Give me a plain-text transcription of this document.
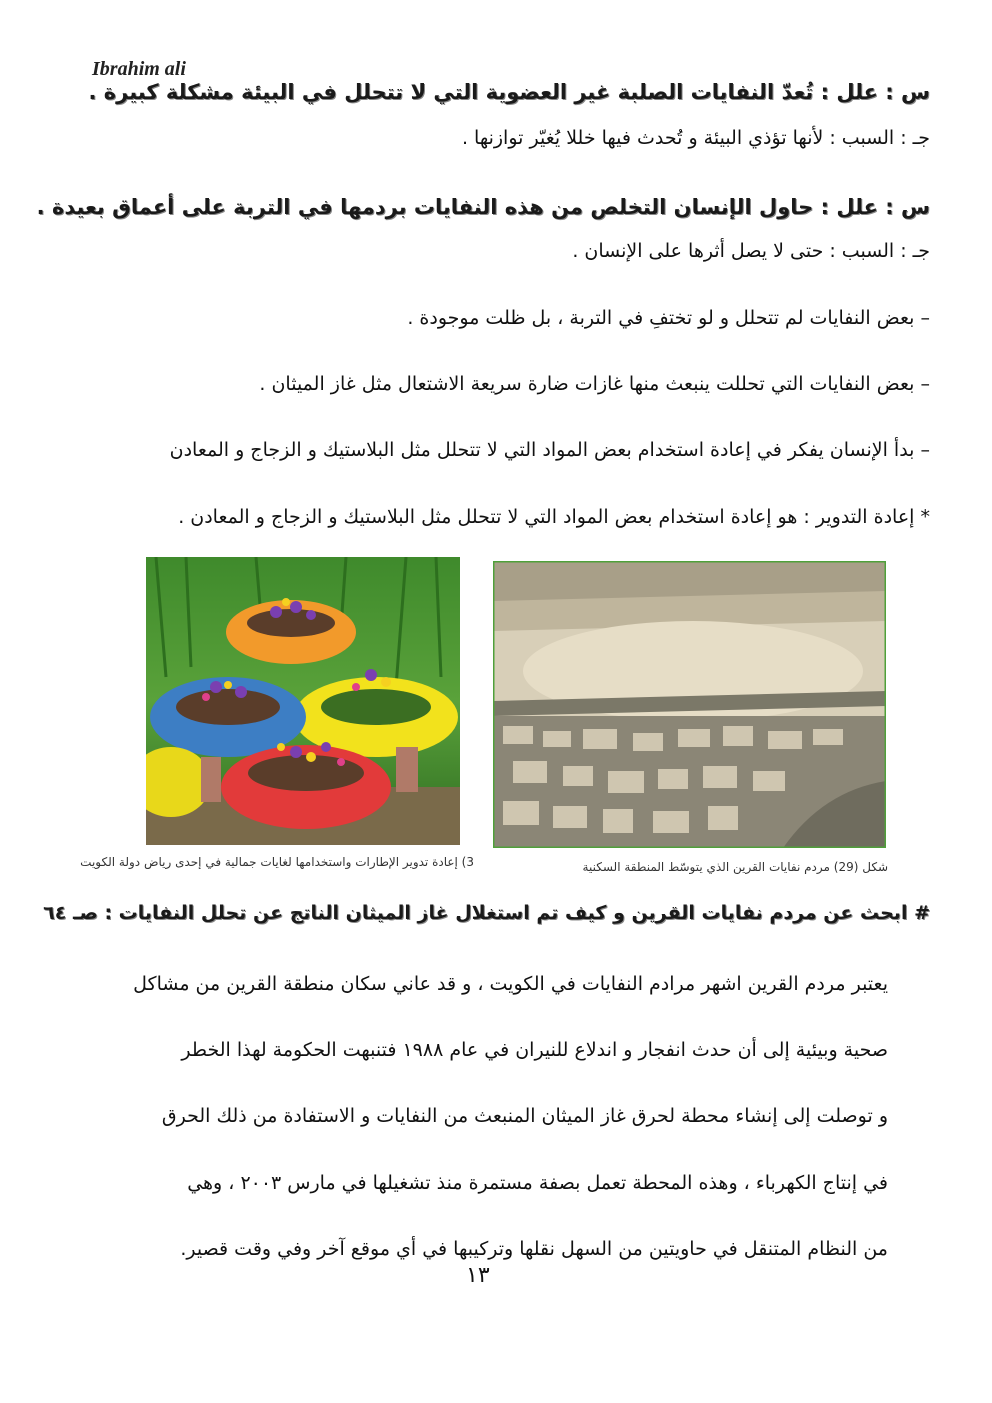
Ibrahim ali
س : علل : تُعدّ النفايات الصلبة غير العضوية التي لا تتحلل في البيئة مشكلة كبيرة .
جـ : السبب : لأنها تؤذي البيئة و تُحدث فيها خللا يُغيّر توازنها .
س : علل : حاول الإنسان التخلص من هذه النفايات بردمها في التربة على أعماق بعيدة .
جـ : السبب : حتى لا يصل أثرها على الإنسان .
– بعض النفايات لم تتحلل و لو تختفِ في التربة ، بل ظلت موجودة .
– بعض النفايات التي تحللت ينبعث منها غازات ضارة سريعة الاشتعال مثل غاز الميثان .
– بدأ الإنسان يفكر في إعادة استخدام بعض المواد التي لا تتحلل مثل البلاستيك و الزجاج و المعادن
* إعادة التدوير : هو إعادة استخدام بعض المواد التي لا تتحلل مثل البلاستيك و الزجاج و المعادن .
3) إعادة تدوير الإطارات واستخدامها لغايات جمالية في إحدى رياض دولة الكويت	شكل (29) مردم نفايات القرين الذي يتوسّط المنطقة السكنية
# ابحث عن مردم نفايات القرين و كيف تم استغلال غاز الميثان الناتج عن تحلل النفايات : صـ ٦٤
يعتبر مردم القرين اشهر مرادم النفايات في الكويت ، و قد عاني سكان منطقة القرين من مشاكل
صحية وبيئية إلى أن حدث انفجار و اندلاع للنيران في عام ١٩٨٨ فتنبهت الحكومة لهذا الخطر
و توصلت إلى إنشاء محطة لحرق غاز الميثان المنبعث من النفايات و الاستفادة من ذلك الحرق
في إنتاج الكهرباء ، وهذه المحطة تعمل بصفة مستمرة منذ تشغيلها في مارس ٢٠٠٣ ، وهي
من النظام المتنقل في حاويتين من السهل نقلها وتركيبها في أي موقع آخر وفي وقت قصير.
١٣
